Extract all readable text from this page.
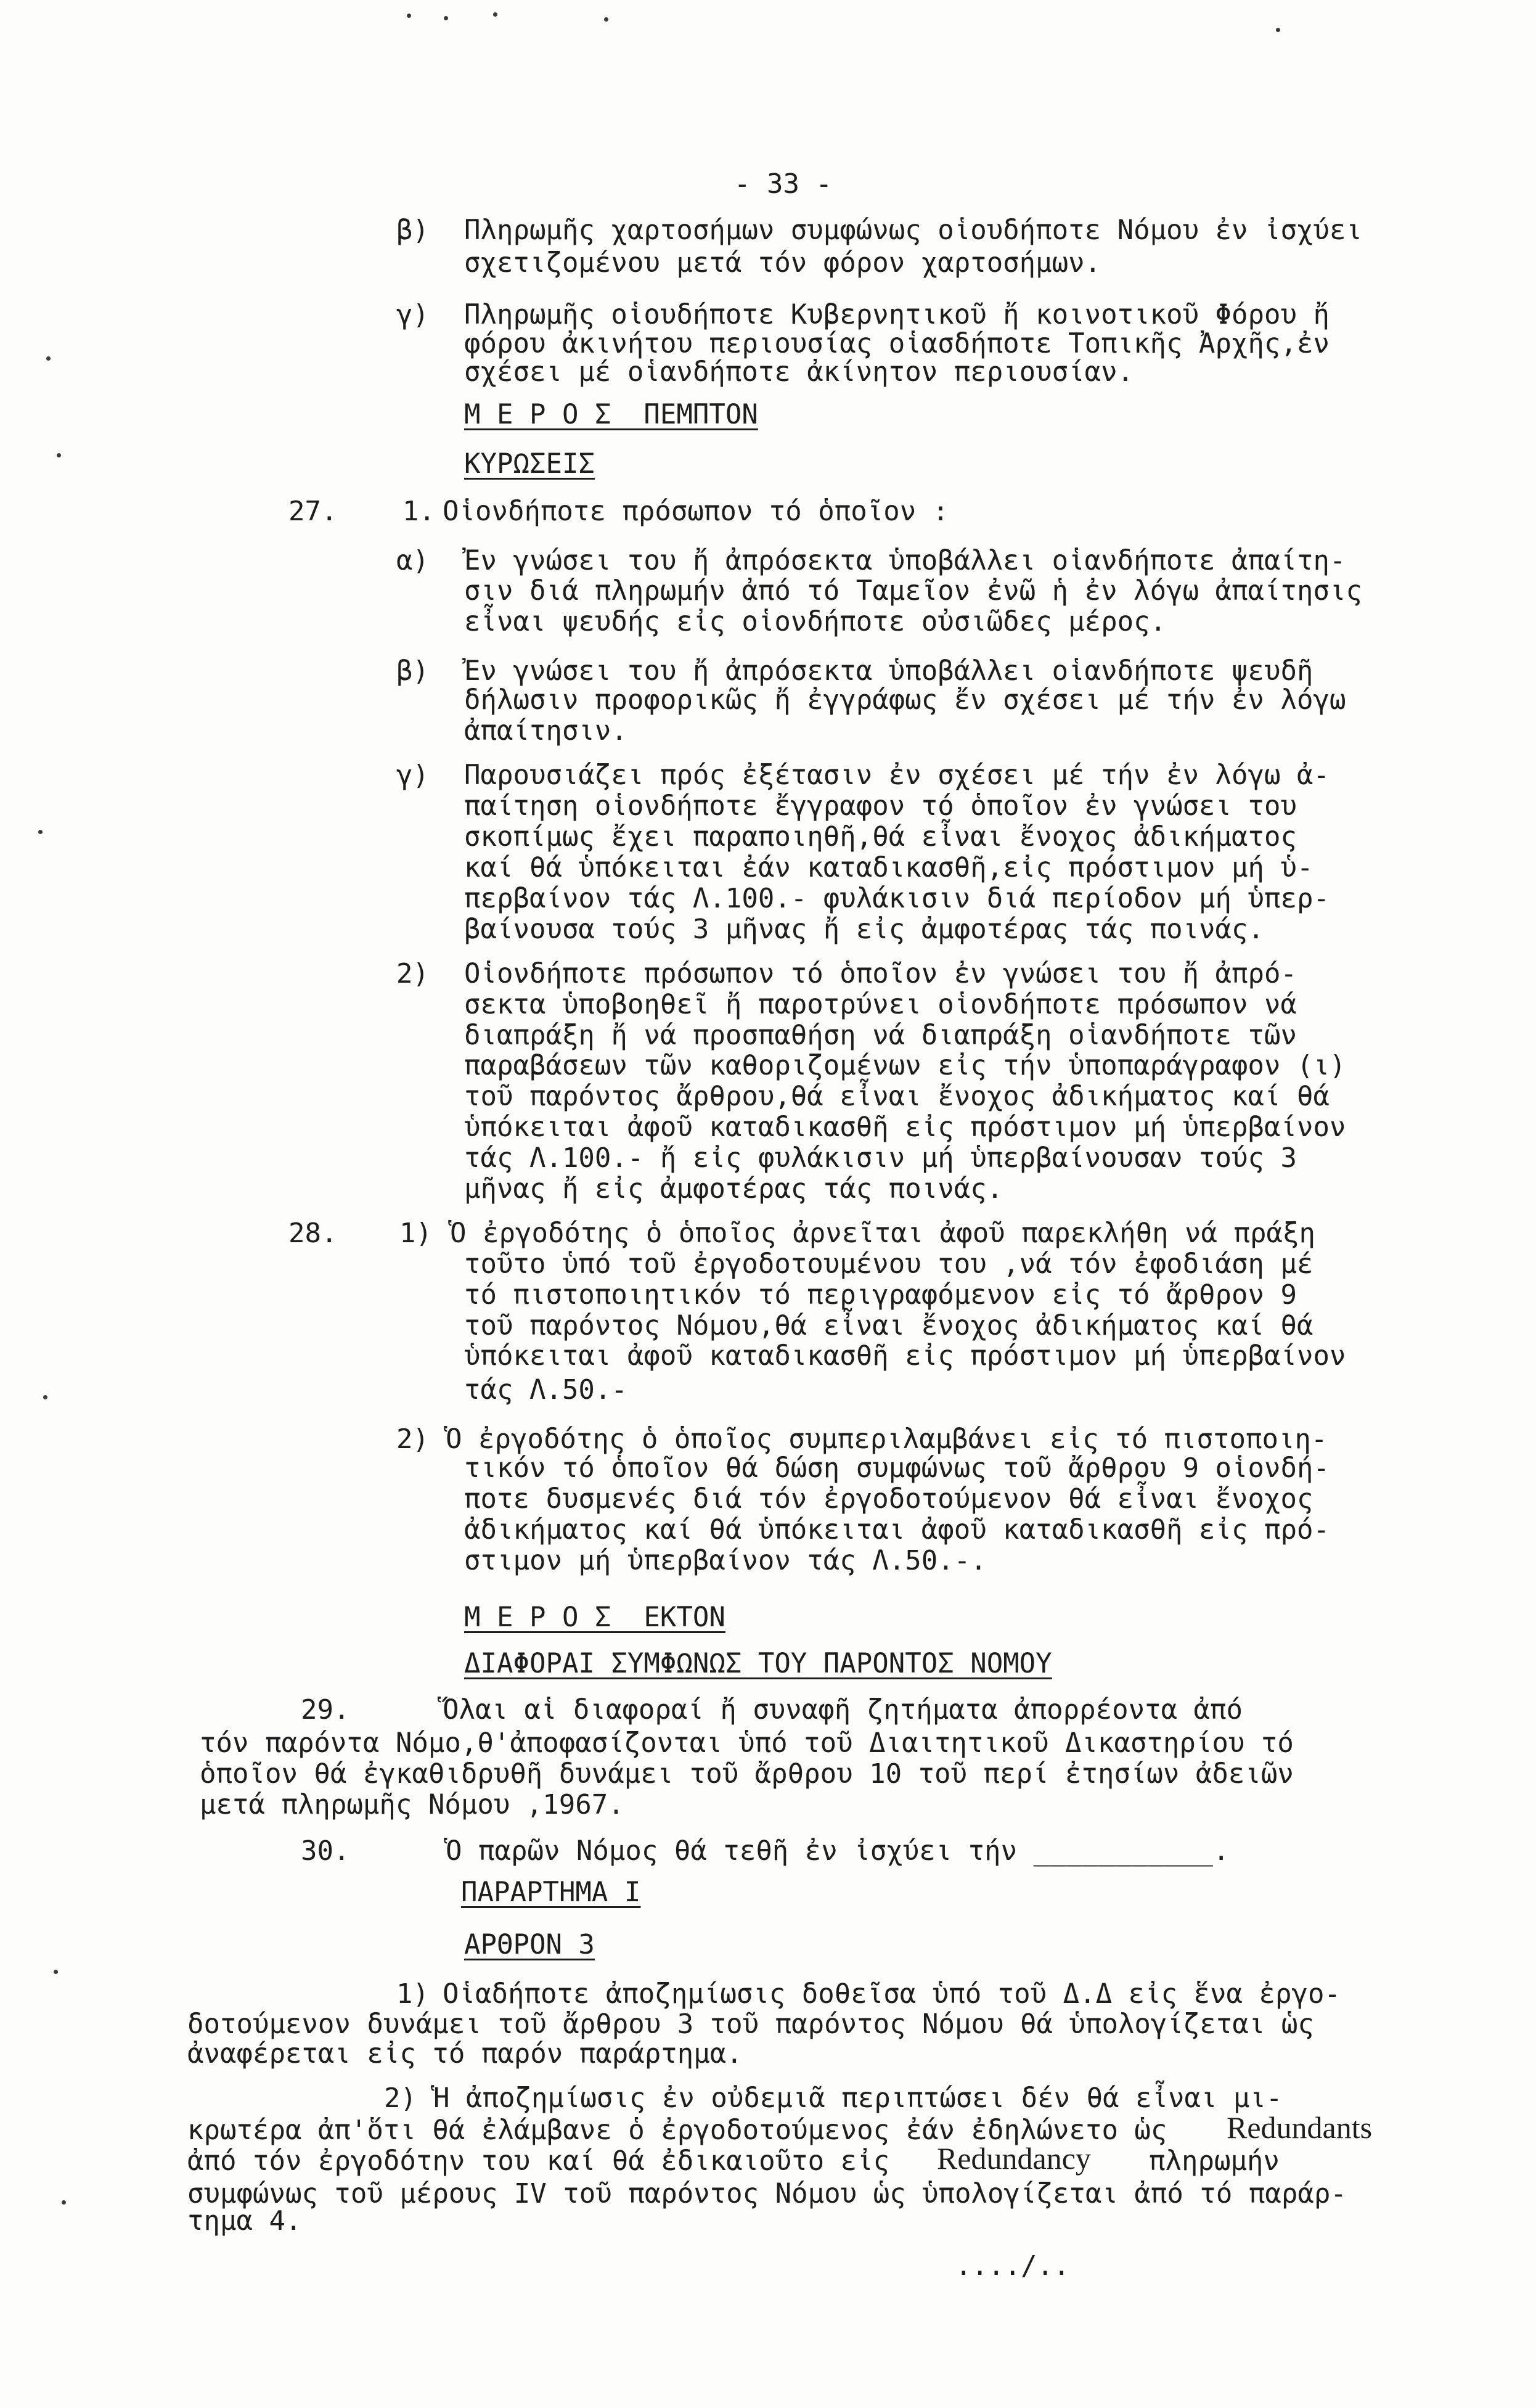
- 33 -
β) Πληρωμῆς χαρτοσήμων συμφώνως οἱουδήποτε Νόμου ἐν ἰσχύει
σχετιζομένου μετά τόν φόρον χαρτοσήμων.
γ) Πληρωμῆς οἱουδήποτε Κυβερνητικοῦ ἤ κοινοτικοῦ Φόρου ἤ
φόρου ἀκινήτου περιουσίας οἱασδήποτε Τοπικῆς Ἀρχῆς,ἐν
σχέσει μέ οἱανδήποτε ἀκίνητον περιουσίαν.
Μ Ε Ρ Ο Σ  ΠΕΜΠΤΟΝ
ΚΥΡΩΣΕΙΣ
27. 1. Οἱονδήποτε πρόσωπον τό ὁποῖον :
α) Ἐν γνώσει του ἤ ἀπρόσεκτα ὑποβάλλει οἱανδήποτε ἀπαίτη-
σιν διά πληρωμήν ἀπό τό Ταμεῖον ἐνῶ ἡ ἐν λόγω ἀπαίτησις
εἶναι ψευδής εἰς οἱονδήποτε οὐσιῶδες μέρος.
β) Ἐν γνώσει του ἤ ἀπρόσεκτα ὑποβάλλει οἱανδήποτε ψευδῆ
δήλωσιν προφορικῶς ἤ ἐγγράφως ἔν σχέσει μέ τήν ἐν λόγω
ἀπαίτησιν.
γ) Παρουσιάζει πρός ἐξέτασιν ἐν σχέσει μέ τήν ἐν λόγω ἀ-
παίτηση οἱονδήποτε ἔγγραφον τό ὁποῖον ἐν γνώσει του
σκοπίμως ἔχει παραποιηθῆ,θά εἶναι ἔνοχος ἀδικήματος
καί θά ὑπόκειται ἐάν καταδικασθῆ,εἰς πρόστιμον μή ὑ-
περβαίνον τάς Λ.100.- φυλάκισιν διά περίοδον μή ὑπερ-
βαίνουσα τούς 3 μῆνας ἤ εἰς ἀμφοτέρας τάς ποινάς.
2) Οἱονδήποτε πρόσωπον τό ὁποῖον ἐν γνώσει του ἤ ἀπρό-
σεκτα ὑποβοηθεῖ ἤ παροτρύνει οἱονδήποτε πρόσωπον νά
διαπράξη ἤ νά προσπαθήση νά διαπράξη οἱανδήποτε τῶν
παραβάσεων τῶν καθοριζομένων εἰς τήν ὑποπαράγραφον (ι)
τοῦ παρόντος ἄρθρου,θά εἶναι ἔνοχος ἀδικήματος καί θά
ὑπόκειται ἀφοῦ καταδικασθῆ εἰς πρόστιμον μή ὑπερβαίνον
τάς Λ.100.- ἤ εἰς φυλάκισιν μή ὑπερβαίνουσαν τούς 3
μῆνας ἤ εἰς ἀμφοτέρας τάς ποινάς.
28. 1) Ὁ ἐργοδότης ὁ ὁποῖος ἀρνεῖται ἀφοῦ παρεκλήθη νά πράξη
τοῦτο ὑπό τοῦ ἐργοδοτουμένου του ,νά τόν ἐφοδιάση μέ
τό πιστοποιητικόν τό περιγραφόμενον εἰς τό ἄρθρον 9
τοῦ παρόντος Νόμου,θά εἶναι ἔνοχος ἀδικήματος καί θά
ὑπόκειται ἀφοῦ καταδικασθῆ εἰς πρόστιμον μή ὑπερβαίνον
τάς Λ.50.-
2) Ὁ ἐργοδότης ὁ ὁποῖος συμπεριλαμβάνει εἰς τό πιστοποιη-
τικόν τό ὁποῖον θά δώση συμφώνως τοῦ ἄρθρου 9 οἱονδή-
ποτε δυσμενές διά τόν ἐργοδοτούμενον θά εἶναι ἔνοχος
ἀδικήματος καί θά ὑπόκειται ἀφοῦ καταδικασθῆ εἰς πρό-
στιμον μή ὑπερβαίνον τάς Λ.50.-.
Μ Ε Ρ Ο Σ  ΕΚΤΟΝ
ΔΙΑΦΟΡΑΙ ΣΥΜΦΩΝΩΣ ΤΟΥ ΠΑΡΟΝΤΟΣ ΝΟΜΟΥ
29.	Ὅλαι αἱ διαφοραί ἤ συναφῆ ζητήματα ἀπορρέοντα ἀπό
τόν παρόντα Νόμο,θ'ἀποφασίζονται ὑπό τοῦ Διαιτητικοῦ Δικαστηρίου τό
ὁποῖον θά ἐγκαθιδρυθῆ δυνάμει τοῦ ἄρθρου 10 τοῦ περί ἐτησίων ἀδειῶν
μετά πληρωμῆς Νόμου ,1967.
30.	Ὁ παρῶν Νόμος θά τεθῆ ἐν ἰσχύει τήν ___________.
ΠΑΡΑΡΤΗΜΑ Ι
ΑΡΘΡΟΝ 3
1) Οἱαδήποτε ἀποζημίωσις δοθεῖσα ὑπό τοῦ Δ.Δ εἰς ἕνα ἐργο-
δοτούμενον δυνάμει τοῦ ἄρθρου 3 τοῦ παρόντος Νόμου θά ὑπολογίζεται ὡς
ἀναφέρεται εἰς τό παρόν παράρτημα.
2) Ἡ ἀποζημίωσις ἐν οὐδεμιᾶ περιπτώσει δέν θά εἶναι μι-
κρωτέρα ἀπ'ὅτι θά ἐλάμβανε ὁ ἐργοδοτούμενος ἐάν ἐδηλώνετο ὡς Redundants
ἀπό τόν ἐργοδότην του καί θά ἐδικαιοῦτο εἰς Redundancy πληρωμήν
συμφώνως τοῦ μέρους IV τοῦ παρόντος Νόμου ὡς ὑπολογίζεται ἀπό τό παράρ-
τημα 4.
..../..
